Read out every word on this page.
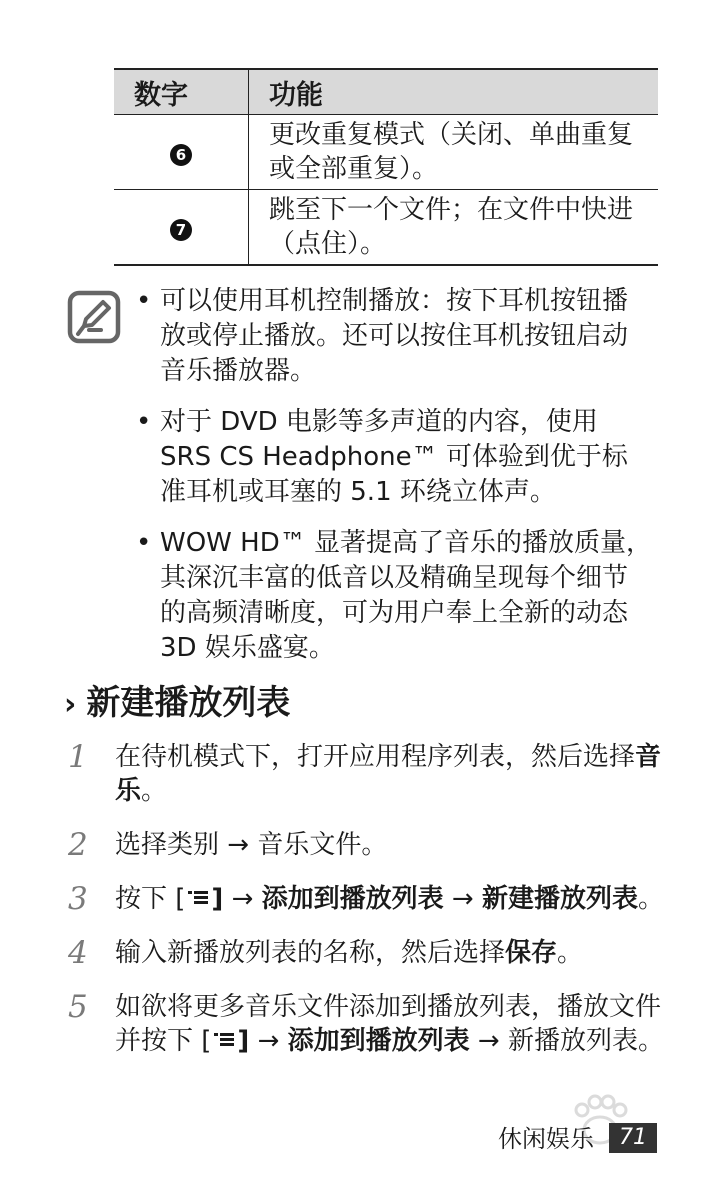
数字	功能
6	更改重复模式（关闭、单曲重复或全部重复）。
7	跳至下一个文件；在文件中快进（点住）。
• 可以使用耳机控制播放：按下耳机按钮播放或停止播放。还可以按住耳机按钮启动音乐播放器。
• 对于 DVD 电影等多声道的内容，使用 SRS CS Headphone™ 可体验到优于标准耳机或耳塞的 5.1 环绕立体声。
• WOW HD™ 显著提高了音乐的播放质量，其深沉丰富的低音以及精确呈现每个细节的高频清晰度，可为用户奉上全新的动态 3D 娱乐盛宴。
› 新建播放列表
1 在待机模式下，打开应用程序列表，然后选择音乐。
2 选择类别 → 音乐文件。
3 按下 [ ] → 添加到播放列表 → 新建播放列表。
4 输入新播放列表的名称，然后选择保存。
5 如欲将更多音乐文件添加到播放列表，播放文件并按下 [ ] → 添加到播放列表 → 新播放列表。
休闲娱乐	71
